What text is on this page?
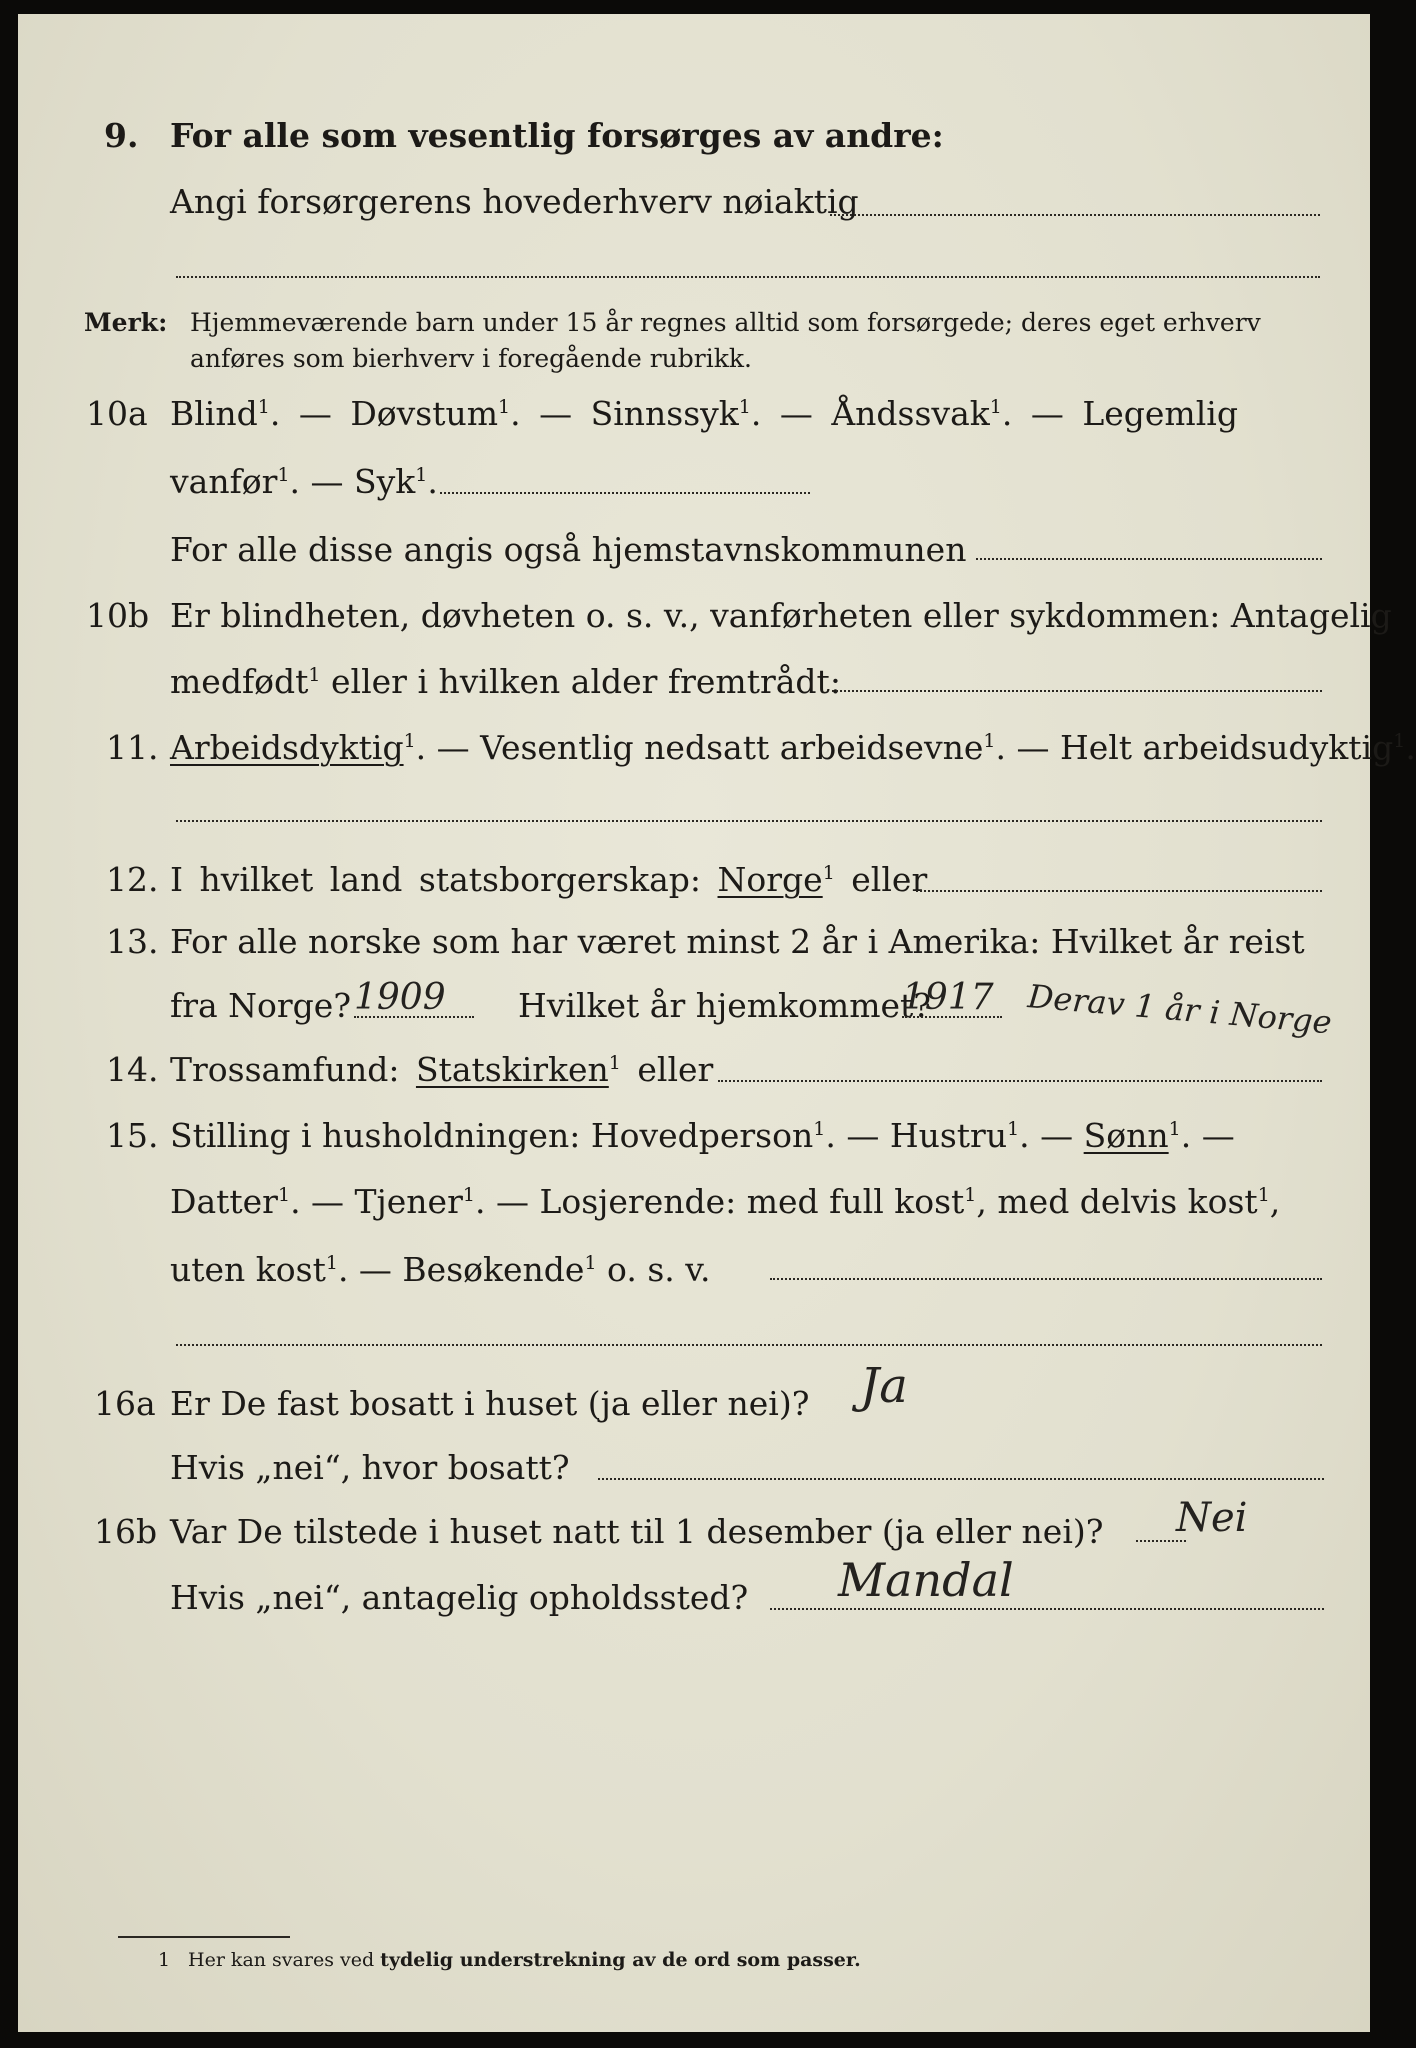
9. For alle som vesentlig forsørges av andre:
Angi forsørgerens hovederhverv nøiaktig
Merk: Hjemmeværende barn under 15 år regnes alltid som forsørgede; deres eget erhverv
anføres som bierhverv i foregående rubrikk.
10a Blind$^1$. — Døvstum$^1$. — Sinnssyk$^1$. — Åndssvak$^1$. — Legemlig
vanfør$^1$. — Syk$^1$.
For alle disse angis også hjemstavnskommunen
10b Er blindheten, døvheten o. s. v., vanførheten eller sykdommen: Antagelig
medfødt$^1$ eller i hvilken alder fremtrådt:
11. Arbeidsdyktig$^1$. — Vesentlig nedsatt arbeidsevne$^1$. — Helt arbeidsudyktig$^1$.
12. I hvilket land statsborgerskap: Norge$^1$ eller
13. For alle norske som har været minst 2 år i Amerika: Hvilket år reist
fra Norge? 1909 Hvilket år hjemkommet?
1917 Derav 1 år i Norge
14. Trossamfund: Statskirken$^1$ eller
15. Stilling i husholdningen: Hovedperson$^1$. — Hustru$^1$. — Sønn$^1$. —
Datter$^1$. — Tjener$^1$. — Losjerende: med full kost$^1$, med delvis kost$^1$,
uten kost$^1$. — Besøkende$^1$ o. s. v.
16a Er De fast bosatt i huset (ja eller nei)? Ja
Hvis „nei“, hvor bosatt?
16b Var De tilstede i huset natt til 1 desember (ja eller nei)? Nei
Hvis „nei“, antagelig opholdssted? Mandal
1 Her kan svares ved tydelig understrekning av de ord som passer.
